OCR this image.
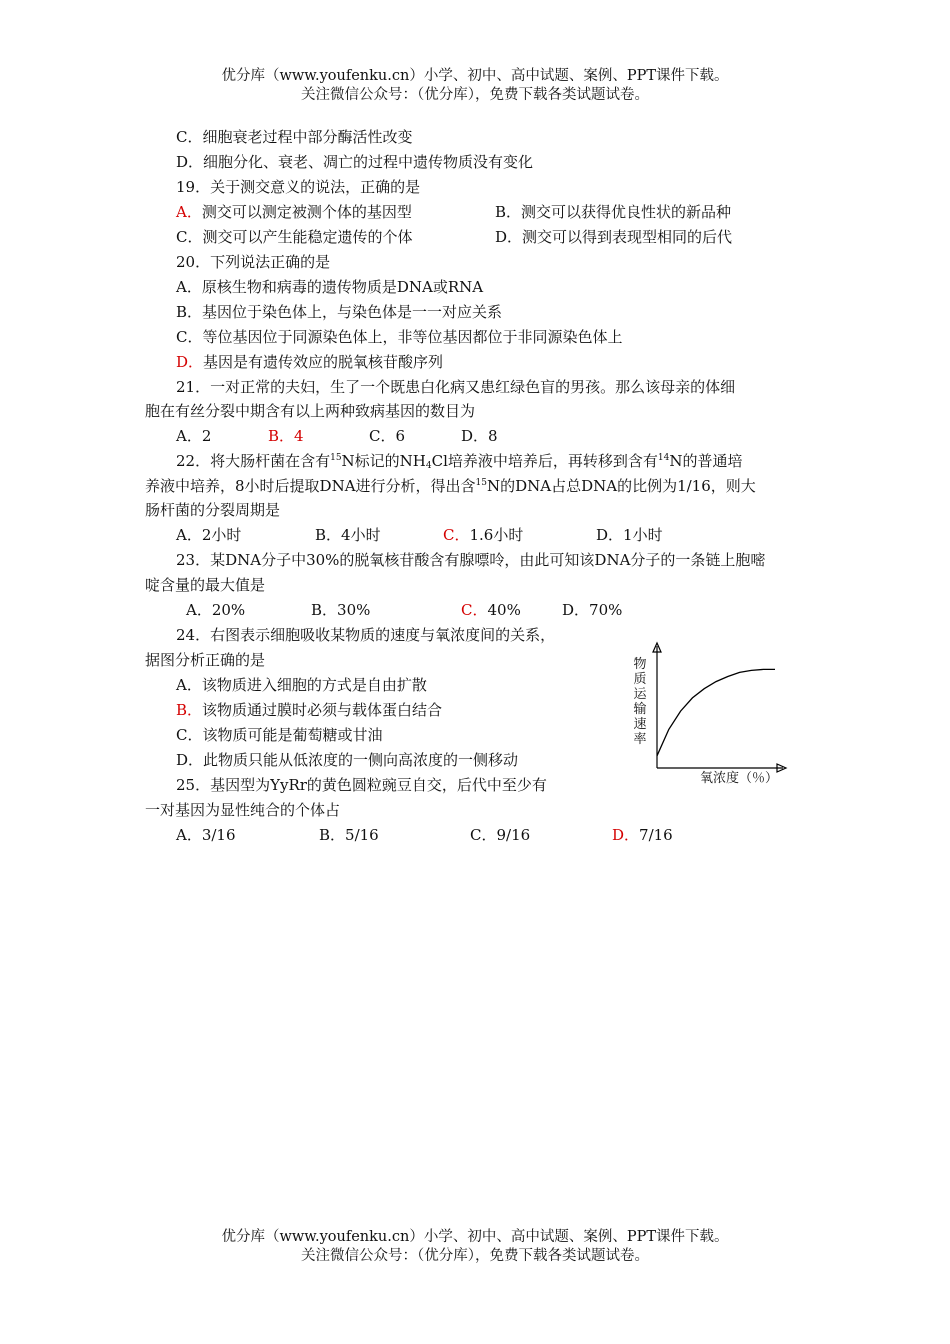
优分库（www.youfenku.cn）小学、初中、高中试题、案例、PPT课件下载。
关注微信公众号：（优分库），免费下载各类试题试卷。
C．细胞衰老过程中部分酶活性改变
D．细胞分化、衰老、凋亡的过程中遗传物质没有变化
19．关于测交意义的说法，正确的是
A．测交可以测定被测个体的基因型	B．测交可以获得优良性状的新品种
C．测交可以产生能稳定遗传的个体	D．测交可以得到表现型相同的后代
20．下列说法正确的是
A．原核生物和病毒的遗传物质是DNA或RNA
B．基因位于染色体上，与染色体是一一对应关系
C．等位基因位于同源染色体上，非等位基因都位于非同源染色体上
D．基因是有遗传效应的脱氧核苷酸序列
21．一对正常的夫妇，生了一个既患白化病又患红绿色盲的男孩。那么该母亲的体细
胞在有丝分裂中期含有以上两种致病基因的数目为
A．2	B．4	C．6	D．8
22．将大肠杆菌在含有$^{15}$N标记的$NH_4Cl$培养液中培养后，再转移到含有$^{14}$N的普通培
养液中培养，8小时后提取DNA进行分析，得出含$^{15}$N的DNA占总DNA的比例为1/16，则大
肠杆菌的分裂周期是
A．2小时	B．4小时	C．1.6小时	D．1小时
23．某DNA分子中30%的脱氧核苷酸含有腺嘌呤，由此可知该DNA分子的一条链上胞嘧
啶含量的最大值是
A．20%	B．30%	C．40%	D．70%
24．右图表示细胞吸收某物质的速度与氧浓度间的关系，
据图分析正确的是
A．该物质进入细胞的方式是自由扩散
B．该物质通过膜时必须与载体蛋白结合
C．该物质可能是葡萄糖或甘油
D．此物质只能从低浓度的一侧向高浓度的一侧移动
物
质
运
输
速
率
氧浓度（％）
25．基因型为YyRr的黄色圆粒豌豆自交，后代中至少有
一对基因为显性纯合的个体占
A．3/16	B．5/16	C．9/16	D．7/16
优分库（www.youfenku.cn）小学、初中、高中试题、案例、PPT课件下载。
关注微信公众号：（优分库），免费下载各类试题试卷。
